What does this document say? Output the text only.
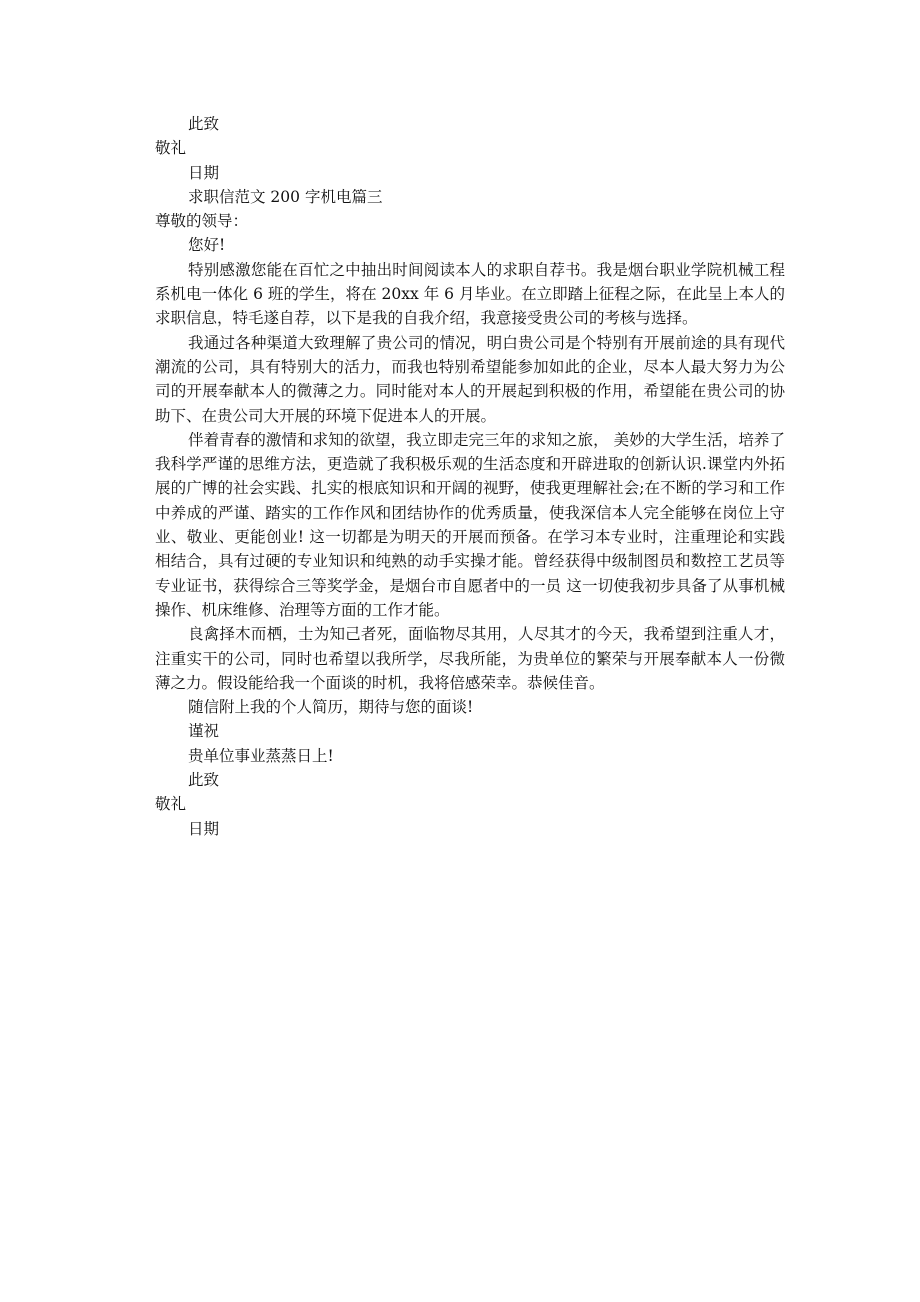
此致

敬礼

日期

求职信范文 200 字机电篇三

尊敬的领导：

您好!

特别感激您能在百忙之中抽出时间阅读本人的求职自荐书。我是烟台职业学院机械工程系机电一体化 6 班的学生，将在 20xx 年 6 月毕业。在立即踏上征程之际，在此呈上本人的求职信息，特毛遂自荐，以下是我的自我介绍，我意接受贵公司的考核与选择。

我通过各种渠道大致理解了贵公司的情况，明白贵公司是个特别有开展前途的具有现代潮流的公司，具有特别大的活力，而我也特别希望能参加如此的企业，尽本人最大努力为公司的开展奉献本人的微薄之力。同时能对本人的开展起到积极的作用，希望能在贵公司的协助下、在贵公司大开展的环境下促进本人的开展。

伴着青春的激情和求知的欲望，我立即走完三年的求知之旅， 美妙的大学生活，培养了我科学严谨的思维方法，更造就了我积极乐观的生活态度和开辟进取的创新认识.课堂内外拓展的广博的社会实践、扎实的根底知识和开阔的视野，使我更理解社会;在不断的学习和工作中养成的严谨、踏实的工作作风和团结协作的优秀质量，使我深信本人完全能够在岗位上守业、敬业、更能创业! 这一切都是为明天的开展而预备。在学习本专业时，注重理论和实践相结合，具有过硬的专业知识和纯熟的动手实操才能。曾经获得中级制图员和数控工艺员等专业证书，获得综合三等奖学金，是烟台市自愿者中的一员 这一切使我初步具备了从事机械操作、机床维修、治理等方面的工作才能。

良禽择木而栖，士为知己者死，面临物尽其用，人尽其才的今天，我希望到注重人才，注重实干的公司，同时也希望以我所学，尽我所能，为贵单位的繁荣与开展奉献本人一份微薄之力。假设能给我一个面谈的时机，我将倍感荣幸。恭候佳音。

随信附上我的个人简历，期待与您的面谈!

谨祝

贵单位事业蒸蒸日上!

此致

敬礼

日期
